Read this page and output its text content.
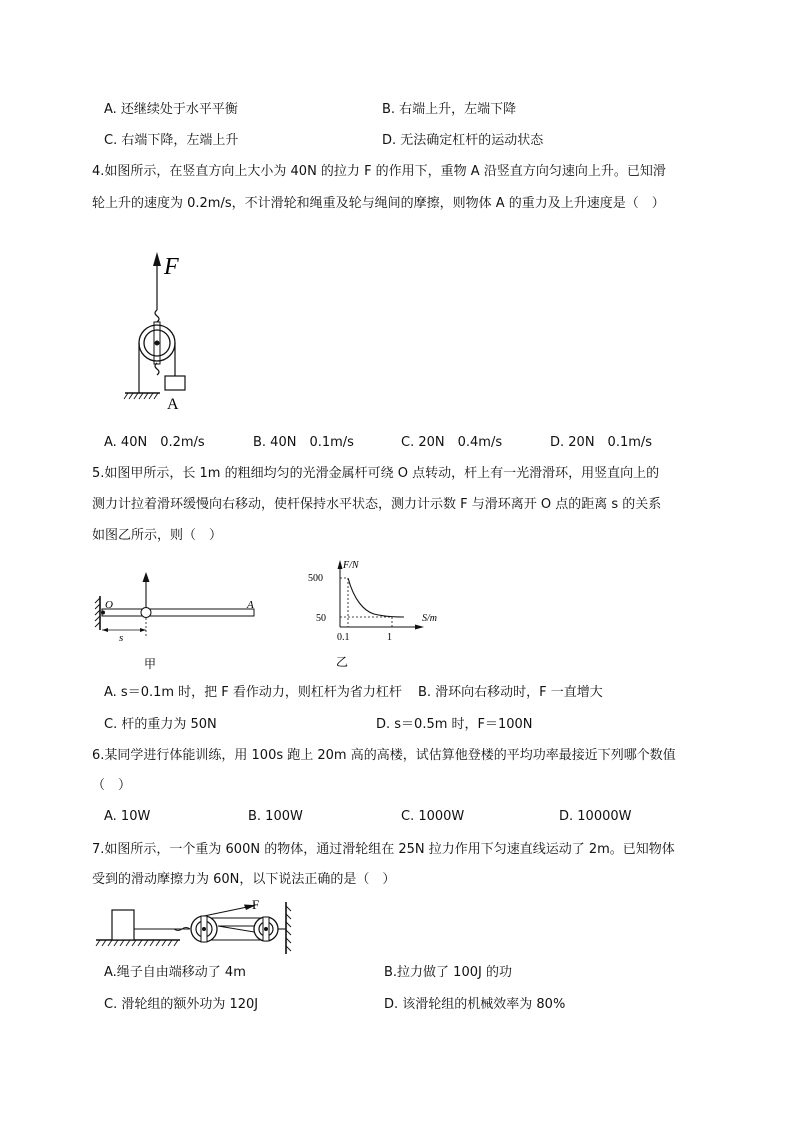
A. 还继续处于水平平衡	B. 右端上升，左端下降
C. 右端下降，左端上升	D. 无法确定杠杆的运动状态
4.如图所示，在竖直方向上大小为 40N 的拉力 F 的作用下，重物 A 沿竖直方向匀速向上升。已知滑
轮上升的速度为 0.2m/s，不计滑轮和绳重及轮与绳间的摩擦，则物体 A 的重力及上升速度是（　）
F
A
A. 40N　0.2m/s	B. 40N　0.1m/s	C. 20N　0.4m/s	D. 20N　0.1m/s
5.如图甲所示，长 1m 的粗细均匀的光滑金属杆可绕 O 点转动，杆上有一光滑滑环，用竖直向上的
测力计拉着滑环缓慢向右移动，使杆保持水平状态，测力计示数 F 与滑环离开 O 点的距离 s 的关系
如图乙所示，则（　）
O	A
s
甲
F/N
S/m
500
50
0.1	1
乙
A. s＝0.1m 时，把 F 看作动力，则杠杆为省力杠杆 B. 滑环向右移动时，F 一直增大
C. 杆的重力为 50N	D. s＝0.5m 时，F＝100N
6.某同学进行体能训练，用 100s 跑上 20m 高的高楼，试估算他登楼的平均功率最接近下列哪个数值
（　）
A. 10W	B. 100W	C. 1000W	D. 10000W
7.如图所示，一个重为 600N 的物体，通过滑轮组在 25N 拉力作用下匀速直线运动了 2m。已知物体
受到的滑动摩擦力为 60N，以下说法正确的是（　）
F
A.绳子自由端移动了 4m	B.拉力做了 100J 的功
C. 滑轮组的额外功为 120J	D. 该滑轮组的机械效率为 80%
